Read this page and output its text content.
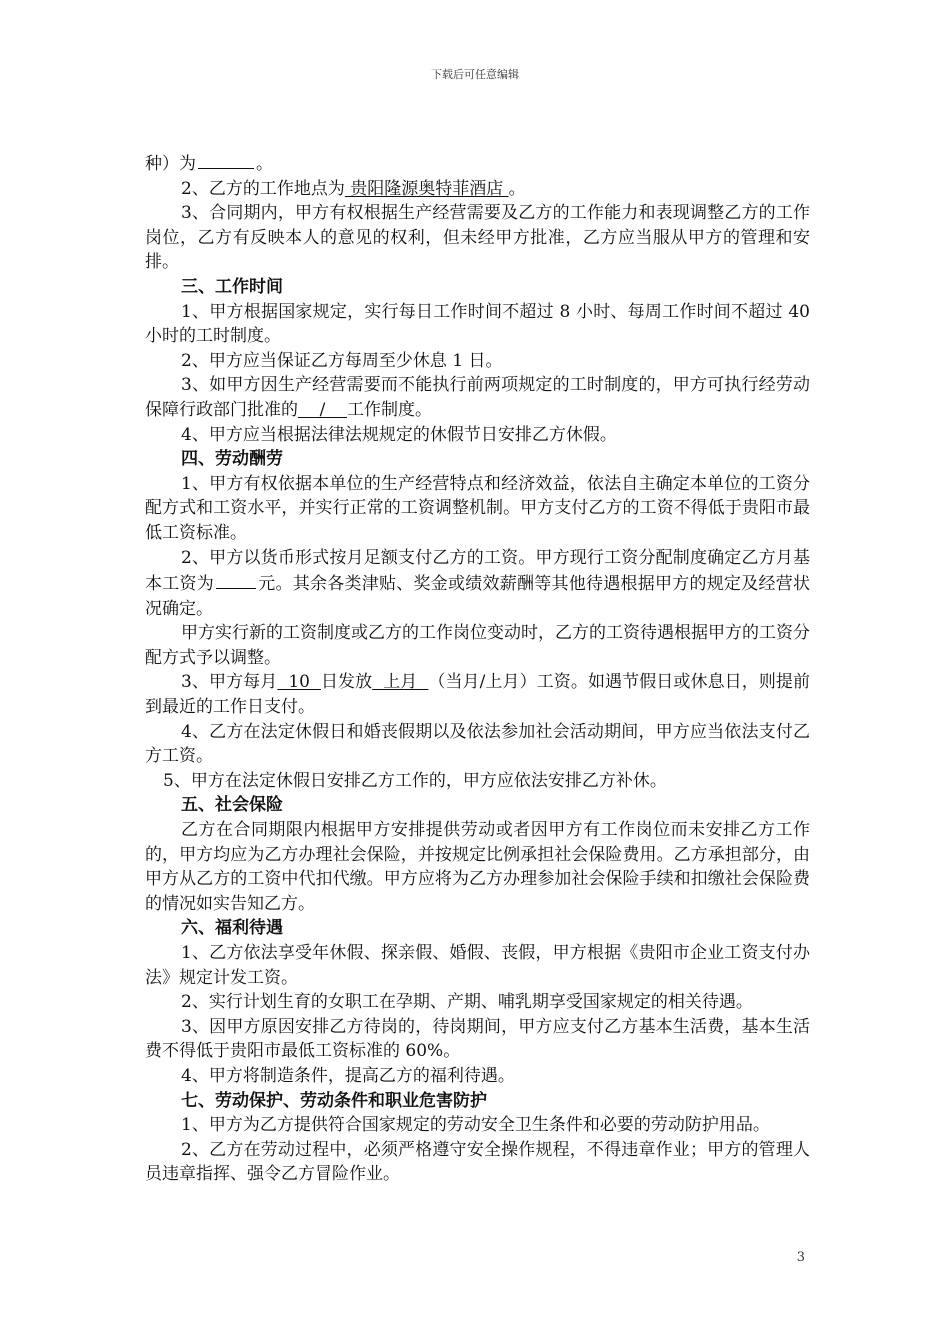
下载后可任意编辑

种）为	。

2、乙方的工作地点为 贵阳隆源奥特菲酒店 。

3、合同期内，甲方有权根据生产经营需要及乙方的工作能力和表现调整乙方的工作岗位，乙方有反映本人的意见的权利，但未经甲方批准，乙方应当服从甲方的管理和安排。

三、工作时间

1、甲方根据国家规定，实行每日工作时间不超过 8 小时、每周工作时间不超过 40 小时的工时制度。

2、甲方应当保证乙方每周至少休息 1 日。

3、如甲方因生产经营需要而不能执行前两项规定的工时制度的，甲方可执行经劳动保障行政部门批准的    /    工作制度。

4、甲方应当根据法律法规规定的休假节日安排乙方休假。

四、劳动酬劳

1、甲方有权依据本单位的生产经营特点和经济效益，依法自主确定本单位的工资分配方式和工资水平，并实行正常的工资调整机制。甲方支付乙方的工资不得低于贵阳市最低工资标准。

2、甲方以货币形式按月足额支付乙方的工资。甲方现行工资分配制度确定乙方月基本工资为	元。其余各类津贴、奖金或绩效薪酬等其他待遇根据甲方的规定及经营状况确定。

甲方实行新的工资制度或乙方的工作岗位变动时，乙方的工资待遇根据甲方的工资分配方式予以调整。

3、甲方每月  10  日发放  上月  （当月/上月）工资。如遇节假日或休息日，则提前到最近的工作日支付。

4、乙方在法定休假日和婚丧假期以及依法参加社会活动期间，甲方应当依法支付乙方工资。

5、甲方在法定休假日安排乙方工作的，甲方应依法安排乙方补休。

五、社会保险

乙方在合同期限内根据甲方安排提供劳动或者因甲方有工作岗位而未安排乙方工作的，甲方均应为乙方办理社会保险，并按规定比例承担社会保险费用。乙方承担部分，由甲方从乙方的工资中代扣代缴。甲方应将为乙方办理参加社会保险手续和扣缴社会保险费的情况如实告知乙方。

六、福利待遇

1、乙方依法享受年休假、探亲假、婚假、丧假，甲方根据《贵阳市企业工资支付办法》规定计发工资。

2、实行计划生育的女职工在孕期、产期、哺乳期享受国家规定的相关待遇。

3、因甲方原因安排乙方待岗的，待岗期间，甲方应支付乙方基本生活费，基本生活费不得低于贵阳市最低工资标准的 60%。

4、甲方将制造条件，提高乙方的福利待遇。

七、劳动保护、劳动条件和职业危害防护

1、甲方为乙方提供符合国家规定的劳动安全卫生条件和必要的劳动防护用品。

2、乙方在劳动过程中，必须严格遵守安全操作规程，不得违章作业；甲方的管理人员违章指挥、强令乙方冒险作业。

3
